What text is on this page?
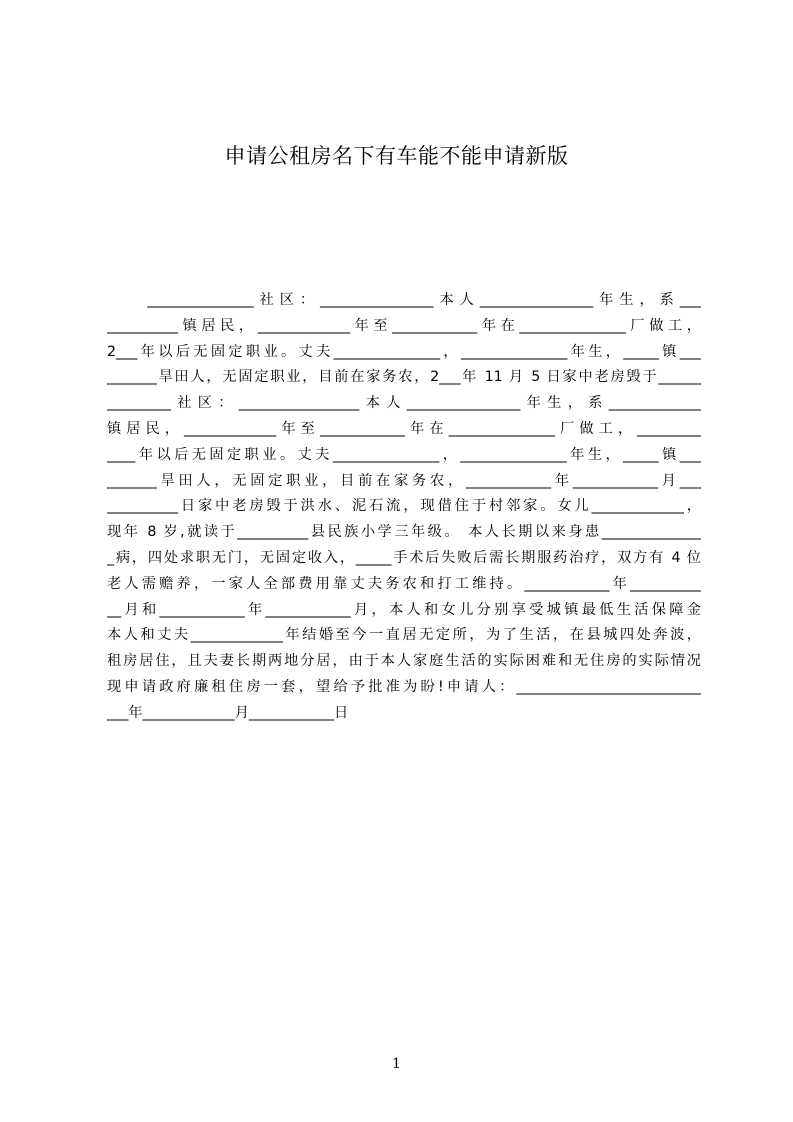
申请公租房名下有车能不能申请新版
　　_______________社区：________________本人________________年生，系___
__________镇居民，_____________年至____________年在_______________厂做工，
2___年以后无固定职业。丈夫_______________，_______________年生，_____镇___
_______旱田人，无固定职业，目前在家务农，2___年 11 月 5 日家中老房毁于______
_________社区：_________________本人________________年生，系_____________
镇居民，_____________年至____________年在_______________厂做工，_________
____年以后无固定职业。丈夫_______________，_______________年生，_____镇___
_______旱田人，无固定职业，目前在家务农，____________年____________月___
__________日家中老房毁于洪水、泥石流，现借住于村邻家。女儿_____________，
现年 8 岁,就读于__________县民族小学三年级。 本人长期以来身患______________
_病，四处求职无门，无固定收入，_____手术后失败后需长期服药治疗，双方有 4 位
老人需赡养，一家人全部费用靠丈夫务农和打工维持。____________年__________
__月和____________年____________月，本人和女儿分别享受城镇最低生活保障金
本人和丈夫_____________年结婚至今一直居无定所，为了生活，在县城四处奔波，
租房居住，且夫妻长期两地分居，由于本人家庭生活的实际困难和无住房的实际情况
现申请政府廉租住房一套，望给予批准为盼!申请人：__________________________
___年_____________月____________日
1
